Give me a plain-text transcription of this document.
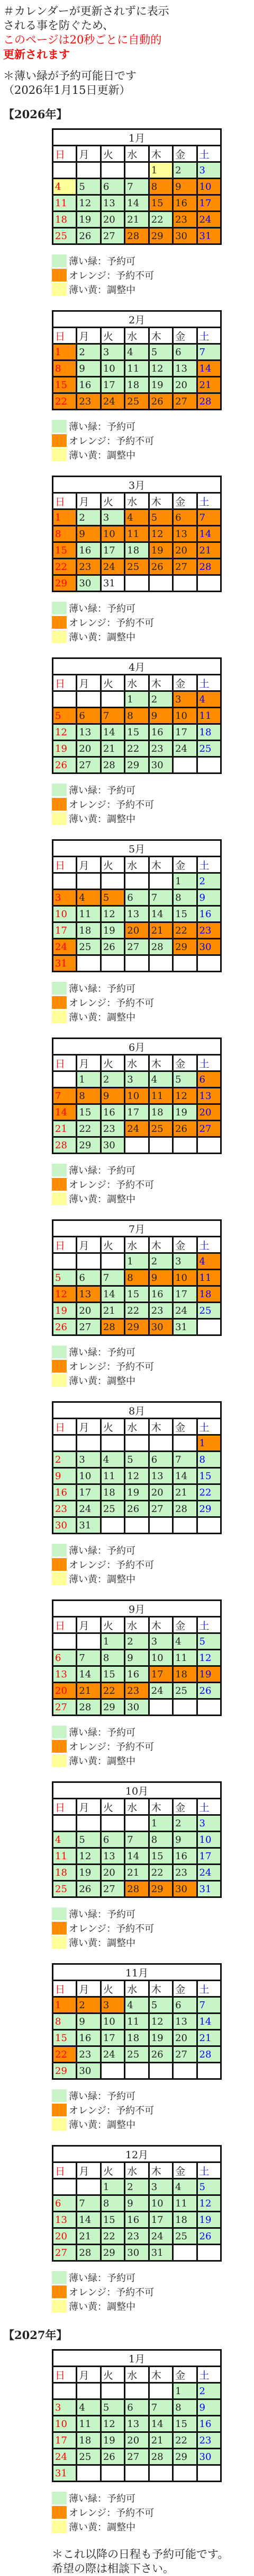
＃カレンダーが更新されずに表示
される事を防ぐため、
このページは20秒ごとに自動的
更新されます
＊薄い緑が予約可能日です
（2026年1月15日更新）
【2026年】
1月						
日	月	火	水	木	金	土
				1	2	3
4	5	6	7	8	9	10
11	12	13	14	15	16	17
18	19	20	21	22	23	24
25	26	27	28	29	30	31
薄い緑：予約可
オレンジ：予約不可
薄い黄：調整中
2月						
日	月	火	水	木	金	土
1	2	3	4	5	6	7
8	9	10	11	12	13	14
15	16	17	18	19	20	21
22	23	24	25	26	27	28
薄い緑：予約可
オレンジ：予約不可
薄い黄：調整中
3月						
日	月	火	水	木	金	土
1	2	3	4	5	6	7
8	9	10	11	12	13	14
15	16	17	18	19	20	21
22	23	24	25	26	27	28
29	30	31				
薄い緑：予約可
オレンジ：予約不可
薄い黄：調整中
4月						
日	月	火	水	木	金	土
			1	2	3	4
5	6	7	8	9	10	11
12	13	14	15	16	17	18
19	20	21	22	23	24	25
26	27	28	29	30		
薄い緑：予約可
オレンジ：予約不可
薄い黄：調整中
5月						
日	月	火	水	木	金	土
					1	2
3	4	5	6	7	8	9
10	11	12	13	14	15	16
17	18	19	20	21	22	23
24	25	26	27	28	29	30
31						
薄い緑：予約可
オレンジ：予約不可
薄い黄：調整中
6月						
日	月	火	水	木	金	土
	1	2	3	4	5	6
7	8	9	10	11	12	13
14	15	16	17	18	19	20
21	22	23	24	25	26	27
28	29	30				
薄い緑：予約可
オレンジ：予約不可
薄い黄：調整中
7月						
日	月	火	水	木	金	土
			1	2	3	4
5	6	7	8	9	10	11
12	13	14	15	16	17	18
19	20	21	22	23	24	25
26	27	28	29	30	31	
薄い緑：予約可
オレンジ：予約不可
薄い黄：調整中
8月						
日	月	火	水	木	金	土
						1
2	3	4	5	6	7	8
9	10	11	12	13	14	15
16	17	18	19	20	21	22
23	24	25	26	27	28	29
30	31					
薄い緑：予約可
オレンジ：予約不可
薄い黄：調整中
9月						
日	月	火	水	木	金	土
		1	2	3	4	5
6	7	8	9	10	11	12
13	14	15	16	17	18	19
20	21	22	23	24	25	26
27	28	29	30			
薄い緑：予約可
オレンジ：予約不可
薄い黄：調整中
10月						
日	月	火	水	木	金	土
				1	2	3
4	5	6	7	8	9	10
11	12	13	14	15	16	17
18	19	20	21	22	23	24
25	26	27	28	29	30	31
薄い緑：予約可
オレンジ：予約不可
薄い黄：調整中
11月						
日	月	火	水	木	金	土
1	2	3	4	5	6	7
8	9	10	11	12	13	14
15	16	17	18	19	20	21
22	23	24	25	26	27	28
29	30					
薄い緑：予約可
オレンジ：予約不可
薄い黄：調整中
12月						
日	月	火	水	木	金	土
		1	2	3	4	5
6	7	8	9	10	11	12
13	14	15	16	17	18	19
20	21	22	23	24	25	26
27	28	29	30	31		
薄い緑：予約可
オレンジ：予約不可
薄い黄：調整中
【2027年】
1月						
日	月	火	水	木	金	土
					1	2
3	4	5	6	7	8	9
10	11	12	13	14	15	16
17	18	19	20	21	22	23
24	25	26	27	28	29	30
31						
薄い緑：予約可
オレンジ：予約不可
薄い黄：調整中
＊これ以降の日程も予約可能です。
希望の際は相談下さい。
